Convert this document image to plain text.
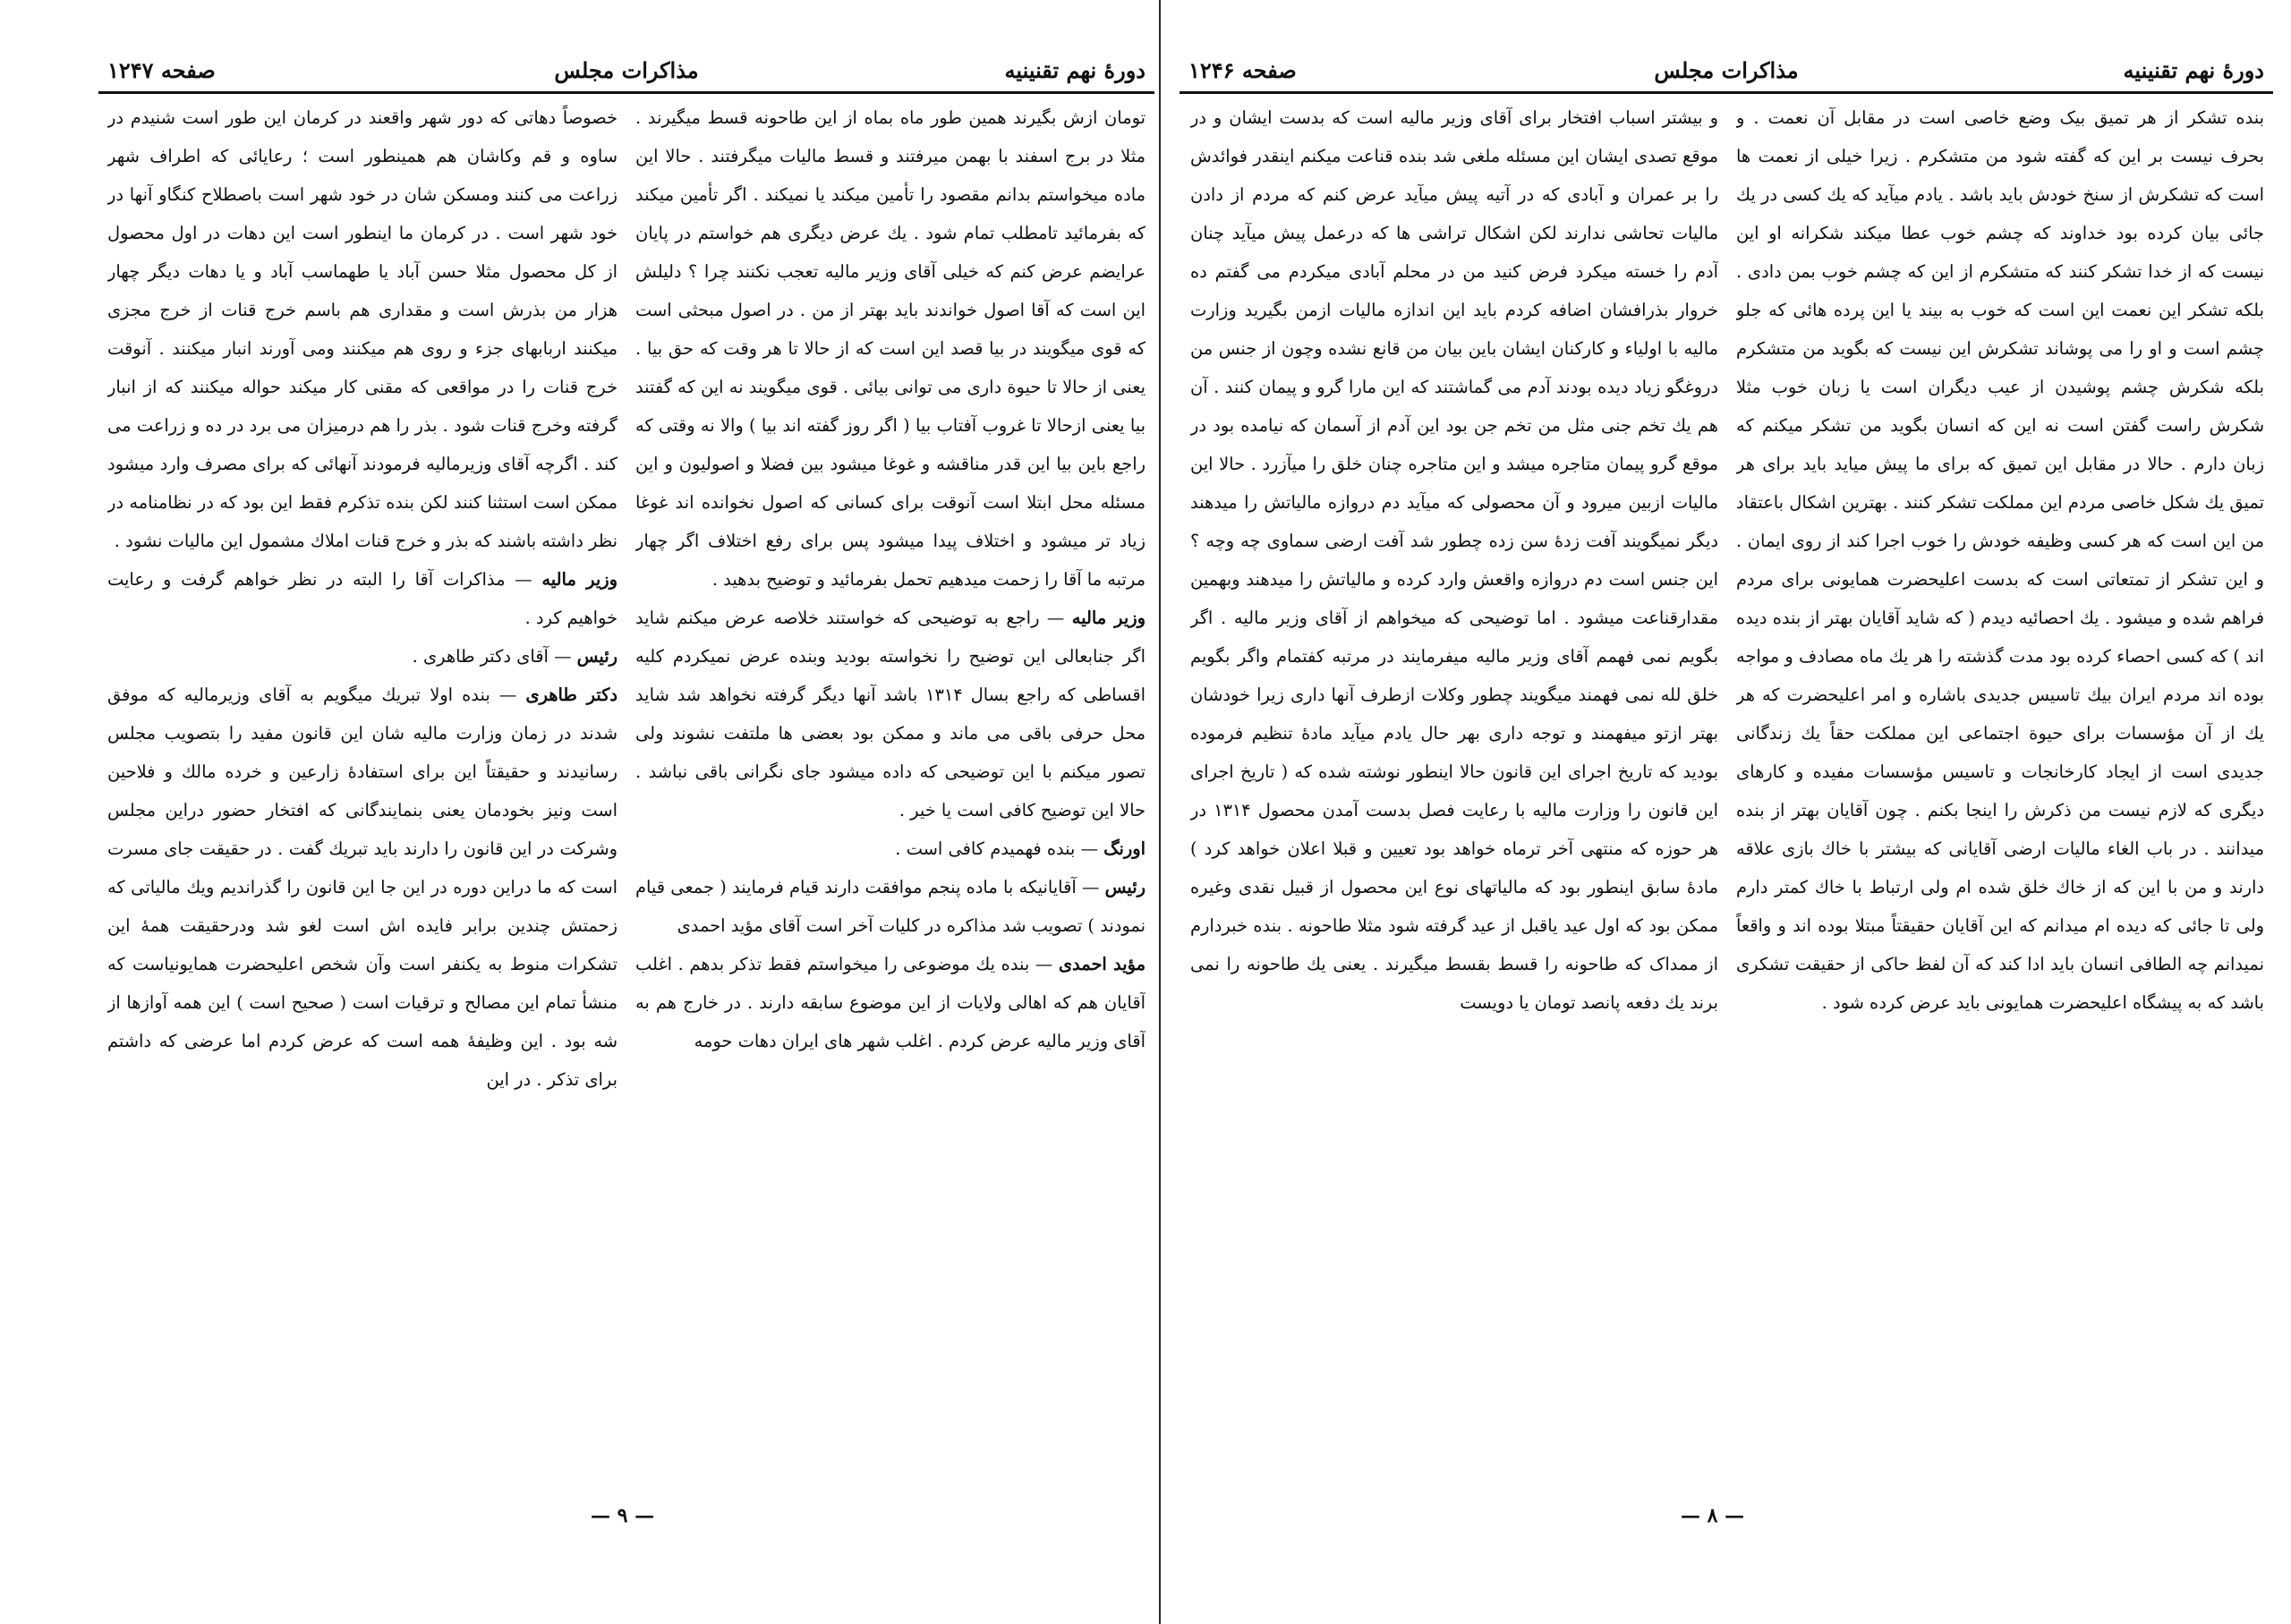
دورهٔ نهم تقنینیه
مذاکرات مجلس
صفحه ۱۲۴۷

تومان ازش بگیرند همین طور ماه بماه از این طاحونه قسط میگیرند . مثلا در برج اسفند با بهمن میرفتند و قسط مالیات میگرفتند . حالا این ماده میخواستم بدانم مقصود را تأمین میکند یا نمیکند . اگر تأمین میکند که بفرمائید تامطلب تمام شود . یك عرض دیگری هم خواستم در پایان عرایضم عرض کنم که خیلی آقای وزیر مالیه تعجب نکنند چرا ؟ دلیلش این است که آقا اصول خواندند باید بهتر از من . در اصول مبحثی است که قوی میگویند در بیا قصد این است که از حالا تا هر وقت که حق بیا . یعنی از حالا تا حیوة داری می توانی بیائی . قوی میگویند نه این که گفتند بیا یعنی ازحالا تا غروب آفتاب بیا ( اگر روز گفته اند بیا ) والا نه وقتی که راجع باین بیا این قدر مناقشه و غوغا میشود بین فضلا و اصولیون و این مسئله محل ابتلا است آنوقت برای کسانی که اصول نخوانده اند غوغا زیاد تر میشود و اختلاف پیدا میشود پس برای رفع اختلاف اگر چهار مرتبه ما آقا را زحمت میدهیم تحمل بفرمائید و توضیح بدهید .

وزیر مالیه — راجع به توضیحی که خواستند خلاصه عرض میکنم شاید اگر جنابعالی این توضیح را نخواسته بودید وبنده عرض نمیکردم کلیه اقساطی که راجع بسال ۱۳۱۴ باشد آنها دیگر گرفته نخواهد شد شاید محل حرفی باقی می ماند و ممکن بود بعضی ها ملتفت نشوند ولی تصور میکنم با این توضیحی که داده میشود جای نگرانی باقی نباشد . حالا این توضیح کافی است یا خیر .

اورنگ — بنده فهمیدم کافی است .

رئیس — آقایانیکه با ماده پنجم موافقت دارند قیام فرمایند ( جمعی قیام نمودند ) تصویب شد مذاکره در کلیات آخر است آقای مؤید احمدی

مؤید احمدی — بنده یك موضوعی را میخواستم فقط تذکر بدهم . اغلب آقایان هم که اهالی ولایات از این موضوع سابقه دارند . در خارج هم به آقای وزیر مالیه عرض کردم . اغلب شهر های ایران دهات حومه

خصوصاً دهاتی که دور شهر واقعند در کرمان این طور است شنیدم در ساوه و قم وکاشان هم همینطور است ؛ رعایائی که اطراف شهر زراعت می کنند ومسکن شان در خود شهر است باصطلاح کنگاو آنها در خود شهر است . در کرمان ما اینطور است این دهات در اول محصول از کل محصول مثلا حسن آباد یا طهماسب آباد و یا دهات دیگر چهار هزار من بذرش است و مقداری هم باسم خرج قنات از خرج مجزی میکنند اربابهای جزء و روی هم میکنند ومی آورند انبار میکنند . آنوقت خرج قنات را در مواقعی که مقنی کار میکند حواله میکنند که از انبار گرفته وخرج قنات شود . بذر را هم درمیزان می برد در ده و زراعت می کند . اگرچه آقای وزیرمالیه فرمودند آنهائی که برای مصرف وارد میشود ممکن است استثنا کنند لکن بنده تذکرم فقط این بود که در نظامنامه در نظر داشته باشند که بذر و خرج قنات املاك مشمول این مالیات نشود .

وزیر مالیه — مذاکرات آقا را البته در نظر خواهم گرفت و رعایت خواهیم کرد .

رئیس — آقای دکتر طاهری .

دکتر طاهری — بنده اولا تبریك میگویم به آقای وزیرمالیه که موفق شدند در زمان وزارت مالیه شان این قانون مفید را بتصویب مجلس رسانیدند و حقیقتاً این برای استفادهٔ زارعین و خرده مالك و فلاحین است ونیز بخودمان یعنی بنمایندگانی که افتخار حضور دراین مجلس وشرکت در این قانون را دارند باید تبریك گفت . در حقیقت جای مسرت است که ما دراین دوره در این جا این قانون را گذراندیم ویك مالیاتی که زحمتش چندین برابر فایده اش است لغو شد ودرحقیقت همهٔ این تشکرات منوط به یکنفر است وآن شخص اعلیحضرت همایونیاست که منشأ تمام این مصالح و ترقیات است ( صحیح است ) این همه آوازها از شه بود . این وظیفهٔ همه است که عرض کردم اما عرضی که داشتم برای تذکر . در این

— ۹ —
دورهٔ نهم تقنینیه
مذاکرات مجلس
صفحه ۱۲۴۶

بنده تشکر از هر تمیق بیک وضع خاصی است در مقابل آن نعمت . و بحرف نیست بر این که گفته شود من متشکرم . زیرا خیلی از نعمت ها است که تشکرش از سنخ خودش باید باشد . یادم میآید که یك کسی در یك جائی بیان کرده بود خداوند که چشم خوب عطا میکند شکرانه او این نیست که از خدا تشکر کنند که متشکرم از این که چشم خوب بمن دادی . بلکه تشکر این نعمت این است که خوب به بیند یا این پرده هائی که جلو چشم است و او را می پوشاند تشکرش این نیست که بگوید من متشکرم بلکه شکرش چشم پوشیدن از عیب دیگران است یا زبان خوب مثلا شکرش راست گفتن است نه این که انسان بگوید من تشکر میکنم که زبان دارم . حالا در مقابل این تمیق که برای ما پیش میاید باید برای هر تمیق یك شکل خاصی مردم این مملکت تشکر کنند . بهترین اشکال باعتقاد من این است که هر کسی وظیفه خودش را خوب اجرا کند از روی ایمان . و این تشکر از تمتعاتی است که بدست اعلیحضرت همایونی برای مردم فراهم شده و میشود . یك احصائیه دیدم ( که شاید آقایان بهتر از بنده دیده اند ) که کسی احصاء کرده بود مدت گذشته را هر یك ماه مصادف و مواجه بوده اند مردم ایران بیك تاسیس جدیدی باشاره و امر اعلیحضرت که هر یك از آن مؤسسات برای حیوة اجتماعی این مملکت حقاً یك زندگانی جدیدی است از ایجاد کارخانجات و تاسیس مؤسسات مفیده و کارهای دیگری که لازم نیست من ذکرش را اینجا بکنم . چون آقایان بهتر از بنده میدانند . در باب الغاء مالیات ارضی آقایانی که بیشتر با خاك بازی علاقه دارند و من با این که از خاك خلق شده ام ولی ارتباط با خاك کمتر دارم ولی تا جائی که دیده ام میدانم که این آقایان حقیقتاً مبتلا بوده اند و واقعاً نمیدانم چه الطافی انسان باید ادا کند که آن لفظ حاکی از حقیقت تشکری باشد که به پیشگاه اعلیحضرت همایونی باید عرض کرده شود .

و بیشتر اسباب افتخار برای آقای وزیر مالیه است که بدست ایشان و در موقع تصدی ایشان این مسئله ملغی شد بنده قناعت میکنم اینقدر فوائدش را بر عمران و آبادی که در آتیه پیش میآید عرض کنم که مردم از دادن مالیات تحاشی ندارند لکن اشکال تراشی ها که درعمل پیش میآید چنان آدم را خسته میکرد فرض کنید من در محلم آبادی میکردم می گفتم ده خروار بذرافشان اضافه کردم باید این اندازه مالیات ازمن بگیرید وزارت مالیه با اولیاء و کارکنان ایشان باین بیان من قانع نشده وچون از جنس من دروغگو زیاد دیده بودند آدم می گماشتند که این مارا گرو و پیمان کنند . آن هم یك تخم جنی مثل من تخم جن بود این آدم از آسمان که نیامده بود در موقع گرو پیمان متاجره میشد و این متاجره چنان خلق را میآزرد . حالا این مالیات ازبین میرود و آن محصولی که میآید دم دروازه مالیاتش را میدهند دیگر نمیگویند آفت زدهٔ سن زده چطور شد آفت ارضی سماوی چه وچه ؟ این جنس است دم دروازه واقعش وارد کرده و مالیاتش را میدهند وبهمین مقدارقناعت میشود . اما توضیحی که میخواهم از آقای وزیر مالیه . اگر بگویم نمی فهمم آقای وزیر مالیه میفرمایند در مرتبه کفتمام واگر بگویم خلق لله نمی فهمند میگویند چطور وکلات ازطرف آنها داری زیرا خودشان بهتر ازتو میفهمند و توجه داری بهر حال یادم میآید مادهٔ تنظیم فرموده بودید که تاریخ اجرای این قانون حالا اینطور نوشته شده که ( تاریخ اجرای این قانون را وزارت مالیه با رعایت فصل بدست آمدن محصول ۱۳۱۴ در هر حوزه که منتهی آخر ترماه خواهد بود تعیین و قبلا اعلان خواهد کرد ) مادهٔ سابق اینطور بود که مالیاتهای نوع این محصول از قبیل نقدی وغیره ممکن بود که اول عید یاقبل از عید گرفته شود مثلا طاحونه . بنده خبردارم از ممداک که طاحونه را قسط بقسط میگیرند . یعنی یك طاحونه را نمی برند یك دفعه پانصد تومان یا دویست

— ۸ —
